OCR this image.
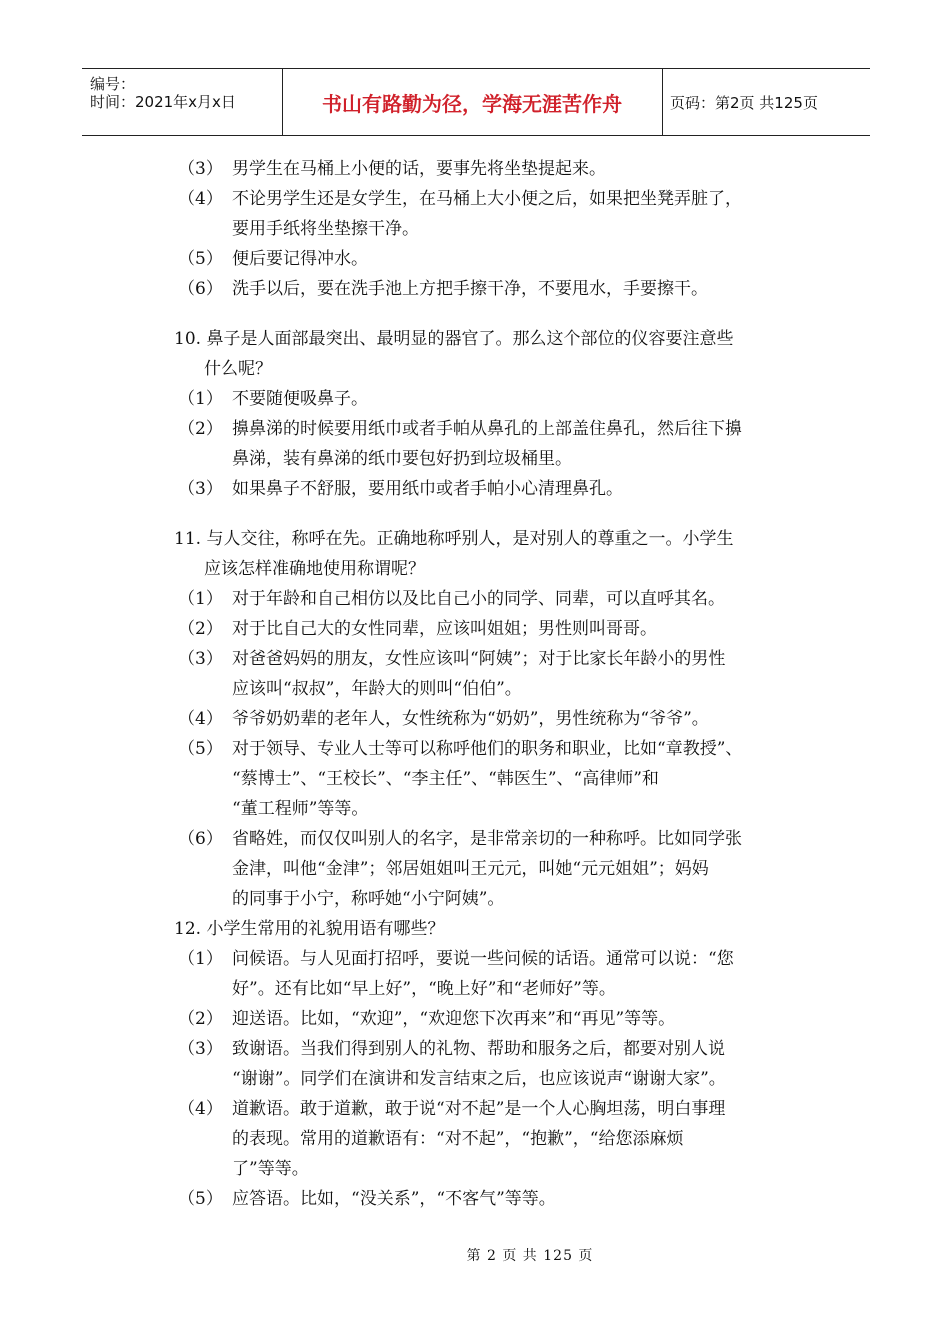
编号：
时间：2021年x月x日	书山有路勤为径，学海无涯苦作舟	页码：第2页 共125页
（3） 男学生在马桶上小便的话，要事先将坐垫提起来。
（4） 不论男学生还是女学生，在马桶上大小便之后，如果把坐凳弄脏了，
要用手纸将坐垫擦干净。
（5） 便后要记得冲水。
（6） 洗手以后，要在洗手池上方把手擦干净，不要甩水，手要擦干。
10. 鼻子是人面部最突出、最明显的器官了。那么这个部位的仪容要注意些
什么呢？
（1） 不要随便吸鼻子。
（2） 擤鼻涕的时候要用纸巾或者手帕从鼻孔的上部盖住鼻孔，然后往下擤
鼻涕，装有鼻涕的纸巾要包好扔到垃圾桶里。
（3） 如果鼻子不舒服，要用纸巾或者手帕小心清理鼻孔。
11. 与人交往，称呼在先。正确地称呼别人，是对别人的尊重之一。小学生
应该怎样准确地使用称谓呢？
（1） 对于年龄和自己相仿以及比自己小的同学、同辈，可以直呼其名。
（2） 对于比自己大的女性同辈，应该叫姐姐；男性则叫哥哥。
（3） 对爸爸妈妈的朋友，女性应该叫“阿姨”；对于比家长年龄小的男性
应该叫“叔叔”，年龄大的则叫“伯伯”。
（4） 爷爷奶奶辈的老年人，女性统称为“奶奶”，男性统称为“爷爷”。
（5） 对于领导、专业人士等可以称呼他们的职务和职业，比如“章教授”、
“蔡博士”、“王校长”、“李主任”、“韩医生”、“高律师”和
“董工程师”等等。
（6） 省略姓，而仅仅叫别人的名字，是非常亲切的一种称呼。比如同学张
金津，叫他“金津”；邻居姐姐叫王元元，叫她“元元姐姐”；妈妈
的同事于小宁，称呼她“小宁阿姨”。
12. 小学生常用的礼貌用语有哪些？
（1） 问候语。与人见面打招呼，要说一些问候的话语。通常可以说：“您
好”。还有比如“早上好”，“晚上好”和“老师好”等。
（2） 迎送语。比如，“欢迎”，“欢迎您下次再来”和“再见”等等。
（3） 致谢语。当我们得到别人的礼物、帮助和服务之后，都要对别人说
“谢谢”。同学们在演讲和发言结束之后，也应该说声“谢谢大家”。
（4） 道歉语。敢于道歉，敢于说“对不起”是一个人心胸坦荡，明白事理
的表现。常用的道歉语有：“对不起”，“抱歉”，“给您添麻烦
了”等等。
（5） 应答语。比如，“没关系”，“不客气”等等。
第 2 页 共 125 页
